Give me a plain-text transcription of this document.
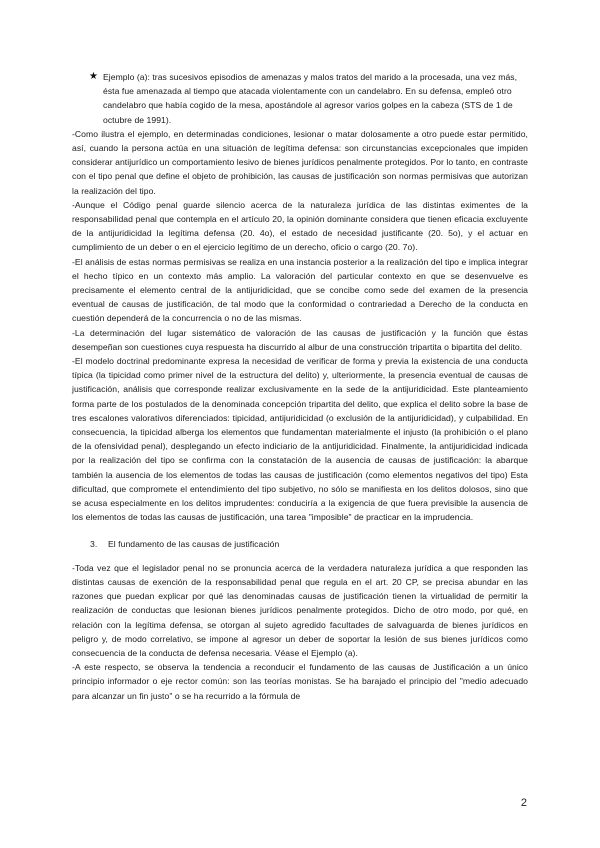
★ Ejemplo (a): tras sucesivos episodios de amenazas y malos tratos del marido a la procesada, una vez más, ésta fue amenazada al tiempo que atacada violentamente con un candelabro. En su defensa, empleó otro candelabro que había cogido de la mesa, apostándole al agresor varios golpes en la cabeza (STS de 1 de octubre de 1991).

-Como ilustra el ejemplo, en determinadas condiciones, lesionar o matar dolosamente a otro puede estar permitido, así, cuando la persona actúa en una situación de legítima defensa: son circunstancias excepcionales que impiden considerar antijurídico un comportamiento lesivo de bienes jurídicos penalmente protegidos. Por lo tanto, en contraste con el tipo penal que define el objeto de prohibición, las causas de justificación son normas permisivas que autorizan la realización del tipo.

-Aunque el Código penal guarde silencio acerca de la naturaleza jurídica de las distintas eximentes de la responsabilidad penal que contempla en el artículo 20, la opinión dominante considera que tienen eficacia excluyente de la antijuridicidad la legítima defensa (20. 4o), el estado de necesidad justificante (20. 5o), y el actuar en cumplimiento de un deber o en el ejercicio legítimo de un derecho, oficio o cargo (20. 7o).

-El análisis de estas normas permisivas se realiza en una instancia posterior a la realización del tipo e implica integrar el hecho típico en un contexto más amplio. La valoración del particular contexto en que se desenvuelve es precisamente el elemento central de la antijuridicidad, que se concibe como sede del examen de la presencia eventual de causas de justificación, de tal modo que la conformidad o contrariedad a Derecho de la conducta en cuestión dependerá de la concurrencia o no de las mismas.

-La determinación del lugar sistemático de valoración de las causas de justificación y la función que éstas desempeñan son cuestiones cuya respuesta ha discurrido al albur de una construcción tripartita o bipartita del delito.

-El modelo doctrinal predominante expresa la necesidad de verificar de forma y previa la existencia de una conducta típica (la tipicidad como primer nivel de la estructura del delito) y, ulteriormente, la presencia eventual de causas de justificación, análisis que corresponde realizar exclusivamente en la sede de la antijuridicidad. Este planteamiento forma parte de los postulados de la denominada concepción tripartita del delito, que explica el delito sobre la base de tres escalones valorativos diferenciados: tipicidad, antijuridicidad (o exclusión de la antijuridicidad), y culpabilidad. En consecuencia, la tipicidad alberga los elementos que fundamentan materialmente el injusto (la prohibición o el plano de la ofensividad penal), desplegando un efecto indiciario de la antijuridicidad. Finalmente, la antijuridicidad indicada por la realización del tipo se confirma con la constatación de la ausencia de causas de justificación: la abarque también la ausencia de los elementos de todas las causas de justificación (como elementos negativos del tipo) Esta dificultad, que compromete el entendimiento del tipo subjetivo, no sólo se manifiesta en los delitos dolosos, sino que se acusa especialmente en los delitos imprudentes: conduciría a la exigencia de que fuera previsible la ausencia de los elementos de todas las causas de justificación, una tarea "imposible" de practicar en la imprudencia.

3.	El fundamento de las causas de justificación

-Toda vez que el legislador penal no se pronuncia acerca de la verdadera naturaleza jurídica a que responden las distintas causas de exención de la responsabilidad penal que regula en el art. 20 CP, se precisa abundar en las razones que puedan explicar por qué las denominadas causas de justificación tienen la virtualidad de permitir la realización de conductas que lesionan bienes jurídicos penalmente protegidos. Dicho de otro modo, por qué, en relación con la legítima defensa, se otorgan al sujeto agredido facultades de salvaguarda de bienes jurídicos en peligro y, de modo correlativo, se impone al agresor un deber de soportar la lesión de sus bienes jurídicos como consecuencia de la conducta de defensa necesaria. Véase el Ejemplo (a).

-A este respecto, se observa la tendencia a reconducir el fundamento de las causas de Justificación a un único principio informador o eje rector común: son las teorías monistas. Se ha barajado el principio del "medio adecuado para alcanzar un fin justo" o se ha recurrido a la fórmula de

2
